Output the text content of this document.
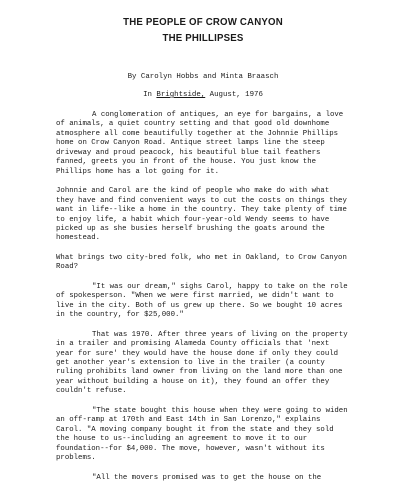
THE PEOPLE OF CROW CANYON
THE PHILLIPSES

By Carolyn Hobbs and Minta Braasch

In Brightside, August, 1976

A conglomeration of antiques, an eye for bargains, a love of animals, a quiet country setting and that good old downhome atmosphere all come beautifully together at the Johnnie Phillips home on Crow Canyon Road. Antique street lamps line the steep driveway and proud peacock, his beautiful blue tail feathers fanned, greets you in front of the house. You just know the Phillips home has a lot going for it.

Johnnie and Carol are the kind of people who make do with what they have and find convenient ways to cut the costs on things they want in life--like a home in the country. They take plenty of time to enjoy life, a habit which four-year-old Wendy seems to have picked up as she busies herself brushing the goats around the homestead.

What brings two city-bred folk, who met in Oakland, to Crow Canyon Road?

"It was our dream," sighs Carol, happy to take on the role of spokesperson. "When we were first married, we didn't want to live in the city. Both of us grew up there. So we bought 10 acres in the country, for $25,000."

That was 1970. After three years of living on the property in a trailer and promising Alameda County officials that 'next year for sure' they would have the house done if only they could get another year's extension to live in the trailer (a county ruling prohibits land owner from living on the land more than one year without building a house on it), they found an offer they couldn't refuse.

"The state bought this house when they were going to widen an off-ramp at 170th and East 14th in San Lorenzo," explains Carol. "A moving company bought it from the state and they sold the house to us--including an agreement to move it to our foundation--for $4,000. The move, however, wasn't without its problems.

"All the movers promised was to get the house on the
